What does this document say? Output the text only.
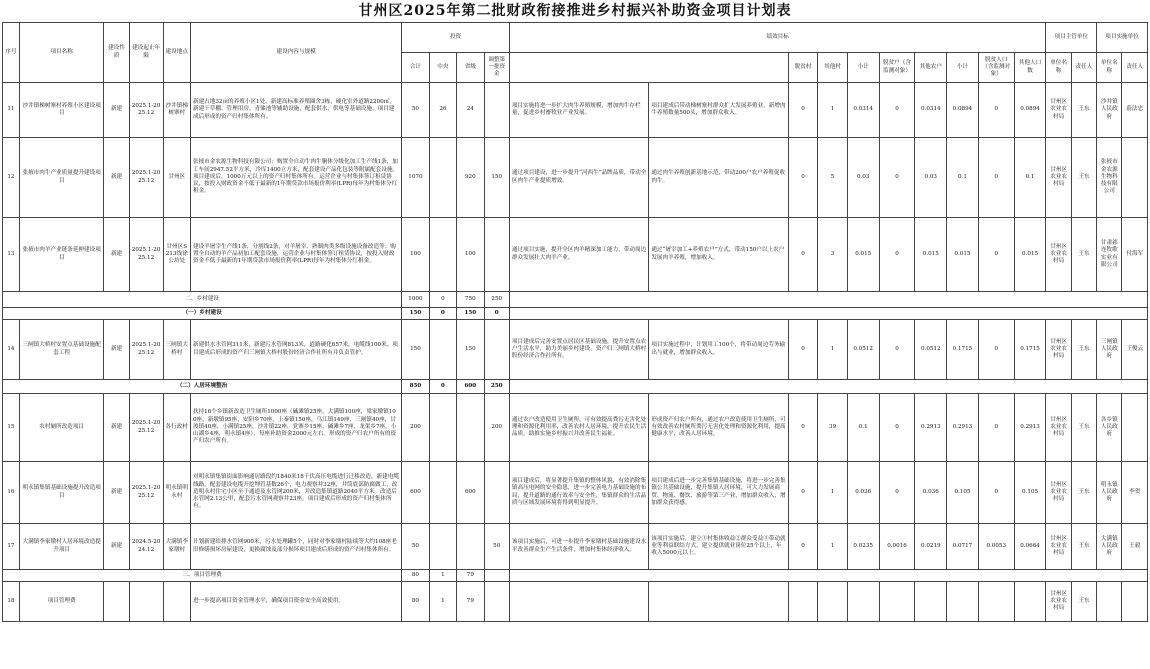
甘州区2025年第二批财政衔接推进乡村振兴补助资金项目计划表
序号	项目名称	建设性质	建设起止年限	建设地点	建设内容与规模	投资				绩效目标										项目主管单位		项目实施单位	
						合计	中央	省级	调整第一批资金			脱贫村	其他村	小计	脱贫户（含监测对象）	其他农户	小计	脱贫人口（含监测对象）	其他人口数	单位名称	责任人	单位名称	责任人
11	沙井镇梯树寨村养殖小区建设项目	新建	2025.1-2025.12	沙井镇梯树寨村	新建占地32亩的养殖小区1处，新建高标准养殖圈舍3栋，硬化室外道路2200㎡，新建干草棚、管理用房、青储池等辅助设施，配套供水、供电等基础设施。项目建成后形成的资产归村集体所有。	50	26	24		项目实施将进一步扩大肉牛养殖规模，增加肉牛存栏量，促进乡村畜牧业产业发展。	项目建成后带动梯树寨村群众扩大发展养殖业，新增肉牛养殖数量500头，增加群众收入。	0	1	0.0314	0	0.0314	0.0894	0	0.0894	甘州区农业农村局	王东	沙井镇人民政府	蔚法忠
12	张掖市肉牛产业质量提升建设项目	新建	2025.1-2025.12	甘州区	张掖市金农源生物科技有限公司：购置全自动牛肉牛胴体分级化加工生产线1条，加工车间2947.52平方米，冷库1400立方米，配套建设产品化包装等附属配套设施。项目建成后，1000万元以上的资产归村集体所有。运营企业与村集体签订租赁协议，按投入财政资金不低于最新的1年期贷款市场报价利率(LPR)每年为村集体分红租金。	1070		920	150	通过项目建设，进一步提升“河西牛”品牌品质，带动全区肉牛产业提质增效。	通过肉牛养殖创新基地示范，带动200户农户养殖促收肉牛。	0	5	0.03	0	0.03	0.1	0	0.1	甘州区农业农村局	王东	张掖市金农源生物科技有限公司	
13	张掖市肉羊产业链条延伸建设项目	新建	2025.1-2025.12	甘州区S213线徐公坊处	建设羊屠宰生产线1条，分割线2条，对羊屠宰、熟制肉类多级设施设备改造等；购置全自动的羊产品初加工配套设施，运营企业与村集体签订租赁协议，按投入财政资金不低于最新的1年期贷款市场报价利率(LPR)每年为村集体分红租金。	100		100		通过项目实施，提升全区肉羊精深加工能力，带动周边群众发展壮大肉羊产业。	通过“屠宰加工+养殖农户”方式，带动150户以上农户发展肉羊养殖，增加收入。	0	3	0.015	0	0.015	0.015	0	0.015	甘州区农业农村局	王东	甘肃祁连牧歌实业有限公司	付海军
二、乡村建设						1000	0	750	250														
（一）乡村建设						150	0	150	0														
14	三闸镇大桥村安置点基础设施配套工程	新建	2025.1-2025.12	三闸镇大桥村	新建供水水管网311米，新建污水管网813米，道路硬化657米，电缆线100米。项目建成后形成的资产归三闸镇大桥村股份经济合作社所有并负责管护。	150		150		项目建成后完善安置点居民区基础设施，提升安置点农户生活水平，助力美丽乡村建设。资产归三闸镇大桥村股份经济合作社所有。	项目实施过程中，计划用工100个，将带动周边劳务输出与就业，增加群众收入。	0	1	0.0512	0	0.0512	0.1715	0	0.1715	甘州区农业农村局	王东	三闸镇人民政府	王俊云
（二）人居环境整治						850	0	600	250														
15	农村厕所改造项目	新建	2025.1-2025.12	各行政村	扶持16个乡镇新改造卫生厕所1000座（碱滩镇25座，大满镇100座，梁家墩镇100座，新墩镇95座，安阳乡70座，上秦镇150座，乌江镇149座，三闸镇40座，甘浚镇40座，小满镇25座，沙井镇22座，党寨乡15座，碱滩乡7座，龙渠乡7座，小山湖乡4座，明永镇4座），每座补助资金2000元左右。形成的资产归农户所有的资产归农户所有。	200			200	通过农户改造使用卫生厕所，可有效提高粪污无害化处理和资源化利用率，改善农村人居环境，提升农民生活品质，助推实施乡村振兴并改善民生福祉。	形成资产归农户所有，通过农户改造使用卫生厕所，可有效改善农村厕所粪污无害化处理和资源化利用，提高健康水平，改善人居环境。	0	39	0.1	0	0.2913	0.2913	0	0.2913	甘州区农业农村局	王东	各乡镇人民政府	
16	明永镇集镇基础设施提升改造项目	新建	2025.1-2025.12	明永镇明永村	对明永镇集镇街面影响通居路段约1840米18千伏高压电缆进行迁移改造，新建电缆线路，配套建设电缆开挖埋管基数26个，电力观察井32座，井筒底部防腐做工，改造明永村住宅小区至于通道及水管网200米，并改造集镇道路2040平方米。改造后水管网2.13公里，配套污水管网观察井23座，项目建成后形成的资产归村集体所有。	600		600		项目建成后，将显著提升集镇的整体风貌，有效消除集镇高压电网的安全隐患，进一步完善电力基础设施的布局，提升道路的通行效率与安全性，集镇群众的生活品质与区域发展环境将得到明显提升。	项目建成后进一步完善集镇基础设施，将进一步完善集镇公共基础设施，提升集镇人居环境，可大力发展商贸、物流、餐饮、旅游等第三产业，增加群众收入，增加群众获得感。	0	1	0.036	0	0.036	0.105	0	0.105	甘州区农业农村局	王东	明永镇人民政府	李贺
17	大满镇李家墩村人居环境改造提升项目	新建	2024.5-2024.12	大满镇李家墩村	计划新建给排水管网900米，污水处理罐5个，同时对李家墩村陆续等大约108座老旧修缮损坏房屋建设，更换腐蚀及部分损坏项目建成后形成的资产归村集体所有。	50			50	该项目实施后，可进一步提升李家墩村基础设施建设水平改善群众生产生活条件，增加村集体经济收入。	该项目实施后，建立①村集体收益②群众受益③带动就业等利益联结方式，建立提供就业岗位25个以上，年收入5000元以上。	0	1	0.0235	0.0016	0.0219	0.0717	0.0053	0.0664	甘州区农业农村局	王东	大满镇人民政府	王毅
三、项目管理费						80	1	79															
18	项目管理费				进一步提高项目资金管理水平，确保项目资金安全高效使用。	80	1	79												甘州区农业农村局	王东		
